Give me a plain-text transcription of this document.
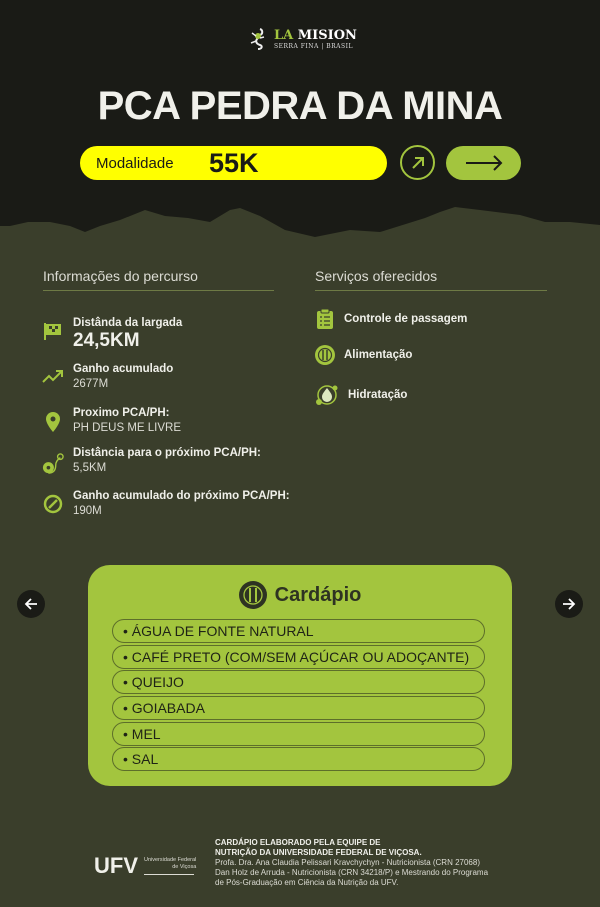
LA MISION
SERRA FINA | BRASIL
PCA PEDRA DA MINA
Modalidade	55K
Informações do percurso	Serviços oferecidos
Distânda da largada
24,5KM
Ganho acumulado
2677M
Proximo PCA/PH:
PH DEUS ME LIVRE
Distância para o próximo PCA/PH:
5,5KM
Ganho acumulado do próximo PCA/PH:
190M
Controle de passagem
Alimentação
Hidratação
Cardápio
• ÁGUA DE FONTE NATURAL
• CAFÉ PRETO (COM/SEM AÇÚCAR OU ADOÇANTE)
• QUEIJO
• GOIABADA
• MEL
• SAL
UFV Universidade Federal
de Viçosa
CARDÁPIO ELABORADO PELA EQUIPE DE
NUTRIÇÃO DA UNIVERSIDADE FEDERAL DE VIÇOSA.
Profa. Dra. Ana Claudia Pelissari Kravchychyn - Nutricionista (CRN 27068)
Dan Holz de Arruda - Nutricionista (CRN 34218/P) e Mestrando do Programa
de Pós-Graduação em Ciência da Nutrição da UFV.
